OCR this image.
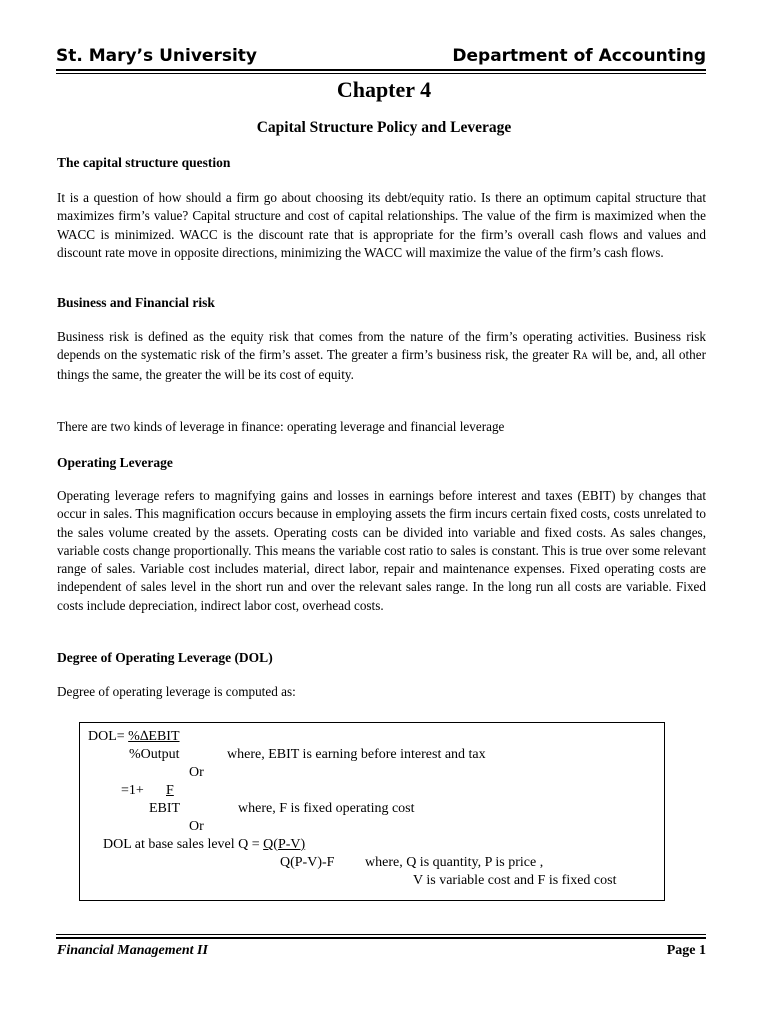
St. Mary’s University	Department of Accounting
Chapter 4
Capital Structure Policy and Leverage
The capital structure question
It is a question of how should a firm go about choosing its debt/equity ratio. Is there an optimum capital structure that maximizes firm’s value? Capital structure and cost of capital relationships. The value of the firm is maximized when the WACC is minimized. WACC is the discount rate that is appropriate for the firm’s overall cash flows and values and discount rate move in opposite directions, minimizing the WACC will maximize the value of the firm’s cash flows.
Business and Financial risk
Business risk is defined as the equity risk that comes from the nature of the firm’s operating activities. Business risk depends on the systematic risk of the firm’s asset. The greater a firm’s business risk, the greater RA will be, and, all other things the same, the greater the will be its cost of equity.
There are two kinds of leverage in finance: operating leverage and financial leverage
Operating Leverage
Operating leverage refers to magnifying gains and losses in earnings before interest and taxes (EBIT) by changes that occur in sales. This magnification occurs because in employing assets the firm incurs certain fixed costs, costs unrelated to the sales volume created by the assets. Operating costs can be divided into variable and fixed costs. As sales changes, variable costs change proportionally. This means the variable cost ratio to sales is constant. This is true over some relevant range of sales. Variable cost includes material, direct labor, repair and maintenance expenses. Fixed operating costs are independent of sales level in the short run and over the relevant sales range. In the long run all costs are variable. Fixed costs include depreciation, indirect labor cost, overhead costs.
Degree of Operating Leverage (DOL)
Degree of operating leverage is computed as:
DOL= %∆EBIT
%Output	where, EBIT is earning before interest and tax
Or
=1+ F
EBIT	where, F is fixed operating cost
Or
DOL at base sales level Q = Q(P-V)
Q(P-V)-F where, Q is quantity, P is price ,
V is variable cost and F is fixed cost
Financial Management II	Page 1
